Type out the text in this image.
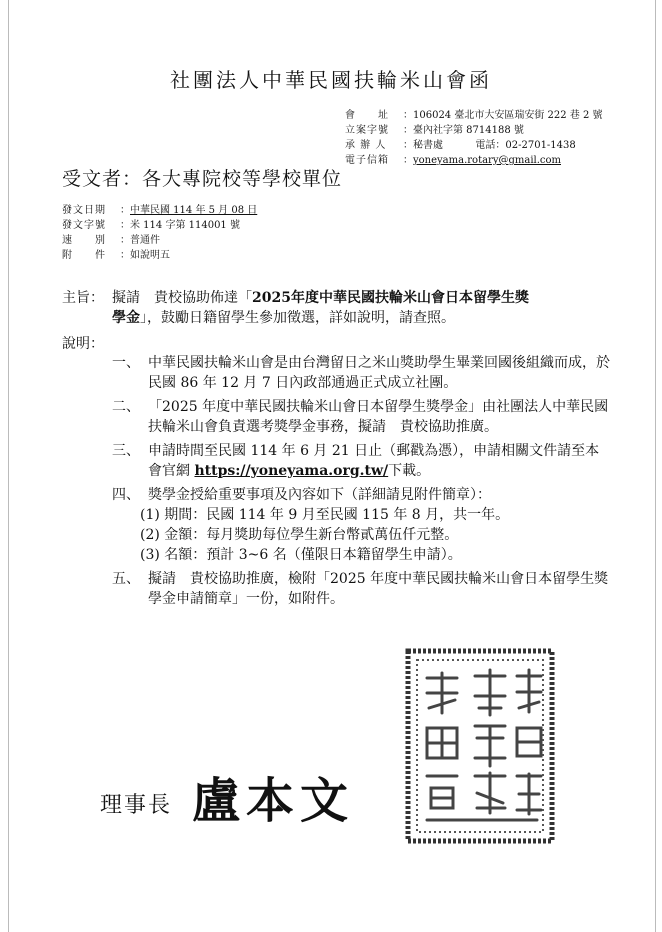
社團法人中華民國扶輪米山會函
會　　址 ：106024 臺北市大安區瑞安街 222 巷 2 號
立案字號 ：臺內社字第 8714188 號
承 辦 人 ：秘書處	電話：02-2701-1438
電子信箱 ：yoneyama.rotary@gmail.com
受文者：各大專院校等學校單位
發文日期 ：中華民國 114 年 5 月 08 日
發文字號 ：米 114 字第 114001 號
速　　別 ：普通件
附　　件 ：如說明五
主旨： 擬請　貴校協助佈達「2025年度中華民國扶輪米山會日本留學生獎
學金」，鼓勵日籍留學生參加徵選，詳如說明，請查照。
說明：
一、 中華民國扶輪米山會是由台灣留日之米山獎助學生畢業回國後組織而成，於民國 86 年 12 月 7 日內政部通過正式成立社團。
二、 「2025 年度中華民國扶輪米山會日本留學生獎學金」由社團法人中華民國扶輪米山會負責選考獎學金事務，擬請　貴校協助推廣。
三、 申請時間至民國 114 年 6 月 21 日止（郵戳為憑），申請相關文件請至本會官網 https://yoneyama.org.tw/下載。
四、 獎學金授給重要事項及內容如下（詳細請見附件簡章）：
(1) 期間：民國 114 年 9 月至民國 115 年 8 月，共一年。
(2) 金額：每月獎助每位學生新台幣貳萬伍仟元整。
(3) 名額：預計 3~6 名（僅限日本籍留學生申請）。
五、 擬請　貴校協助推廣，檢附「2025 年度中華民國扶輪米山會日本留學生獎學金申請簡章」一份，如附件。
理事長 盧本文
